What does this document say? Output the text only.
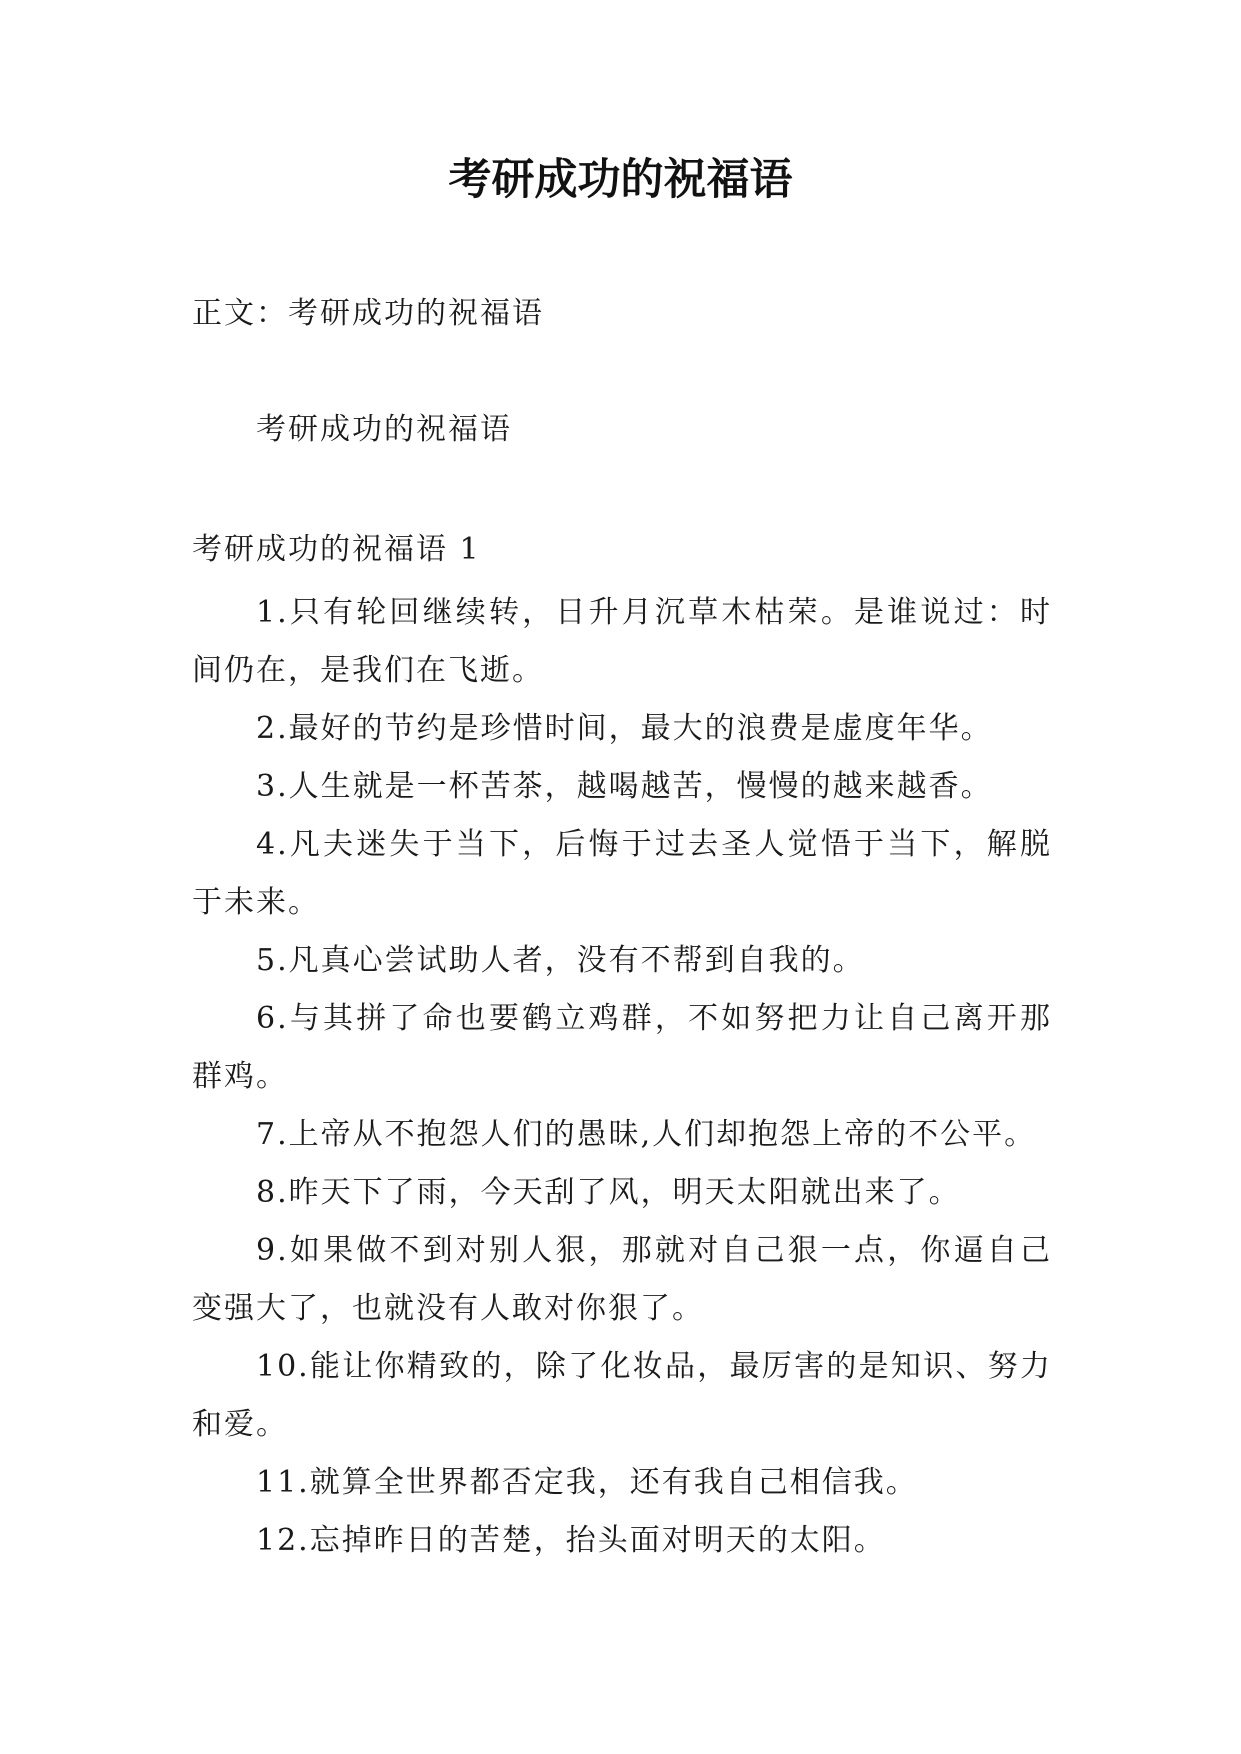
考研成功的祝福语
正文：考研成功的祝福语
考研成功的祝福语
考研成功的祝福语 1
1.只有轮回继续转，日升月沉草木枯荣。是谁说过：时间仍在，是我们在飞逝。
2.最好的节约是珍惜时间，最大的浪费是虚度年华。
3.人生就是一杯苦茶，越喝越苦，慢慢的越来越香。
4.凡夫迷失于当下，后悔于过去圣人觉悟于当下，解脱于未来。
5.凡真心尝试助人者，没有不帮到自我的。
6.与其拼了命也要鹤立鸡群，不如努把力让自己离开那群鸡。
7.上帝从不抱怨人们的愚昧,人们却抱怨上帝的不公平。
8.昨天下了雨，今天刮了风，明天太阳就出来了。
9.如果做不到对别人狠，那就对自己狠一点，你逼自己变强大了，也就没有人敢对你狠了。
10.能让你精致的，除了化妆品，最厉害的是知识、努力和爱。
11.就算全世界都否定我，还有我自己相信我。
12.忘掉昨日的苦楚，抬头面对明天的太阳。
